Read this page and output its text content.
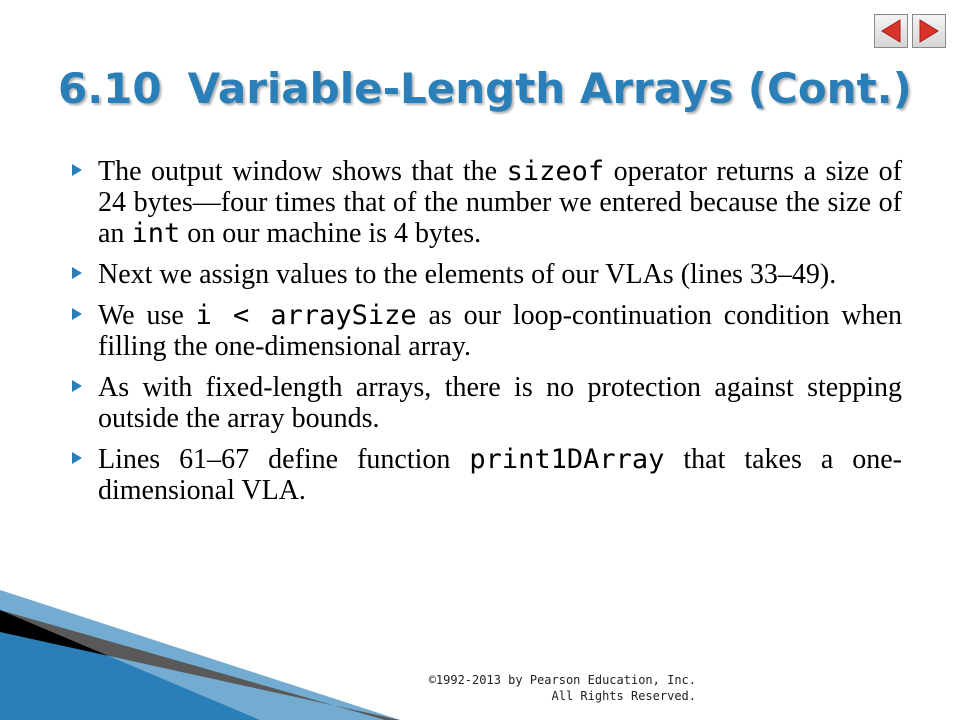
6.10 Variable-Length Arrays (Cont.)
The output window shows that the sizeof operator returns a size of 24 bytes—four times that of the number we entered because the size of an int on our machine is 4 bytes.
Next we assign values to the elements of our VLAs (lines 33–49).
We use i < arraySize as our loop-continuation condition when filling the one-dimensional array.
As with fixed-length arrays, there is no protection against stepping outside the array bounds.
Lines 61–67 define function print1DArray that takes a one-dimensional VLA.
©1992-2013 by Pearson Education, Inc.
All Rights Reserved.
